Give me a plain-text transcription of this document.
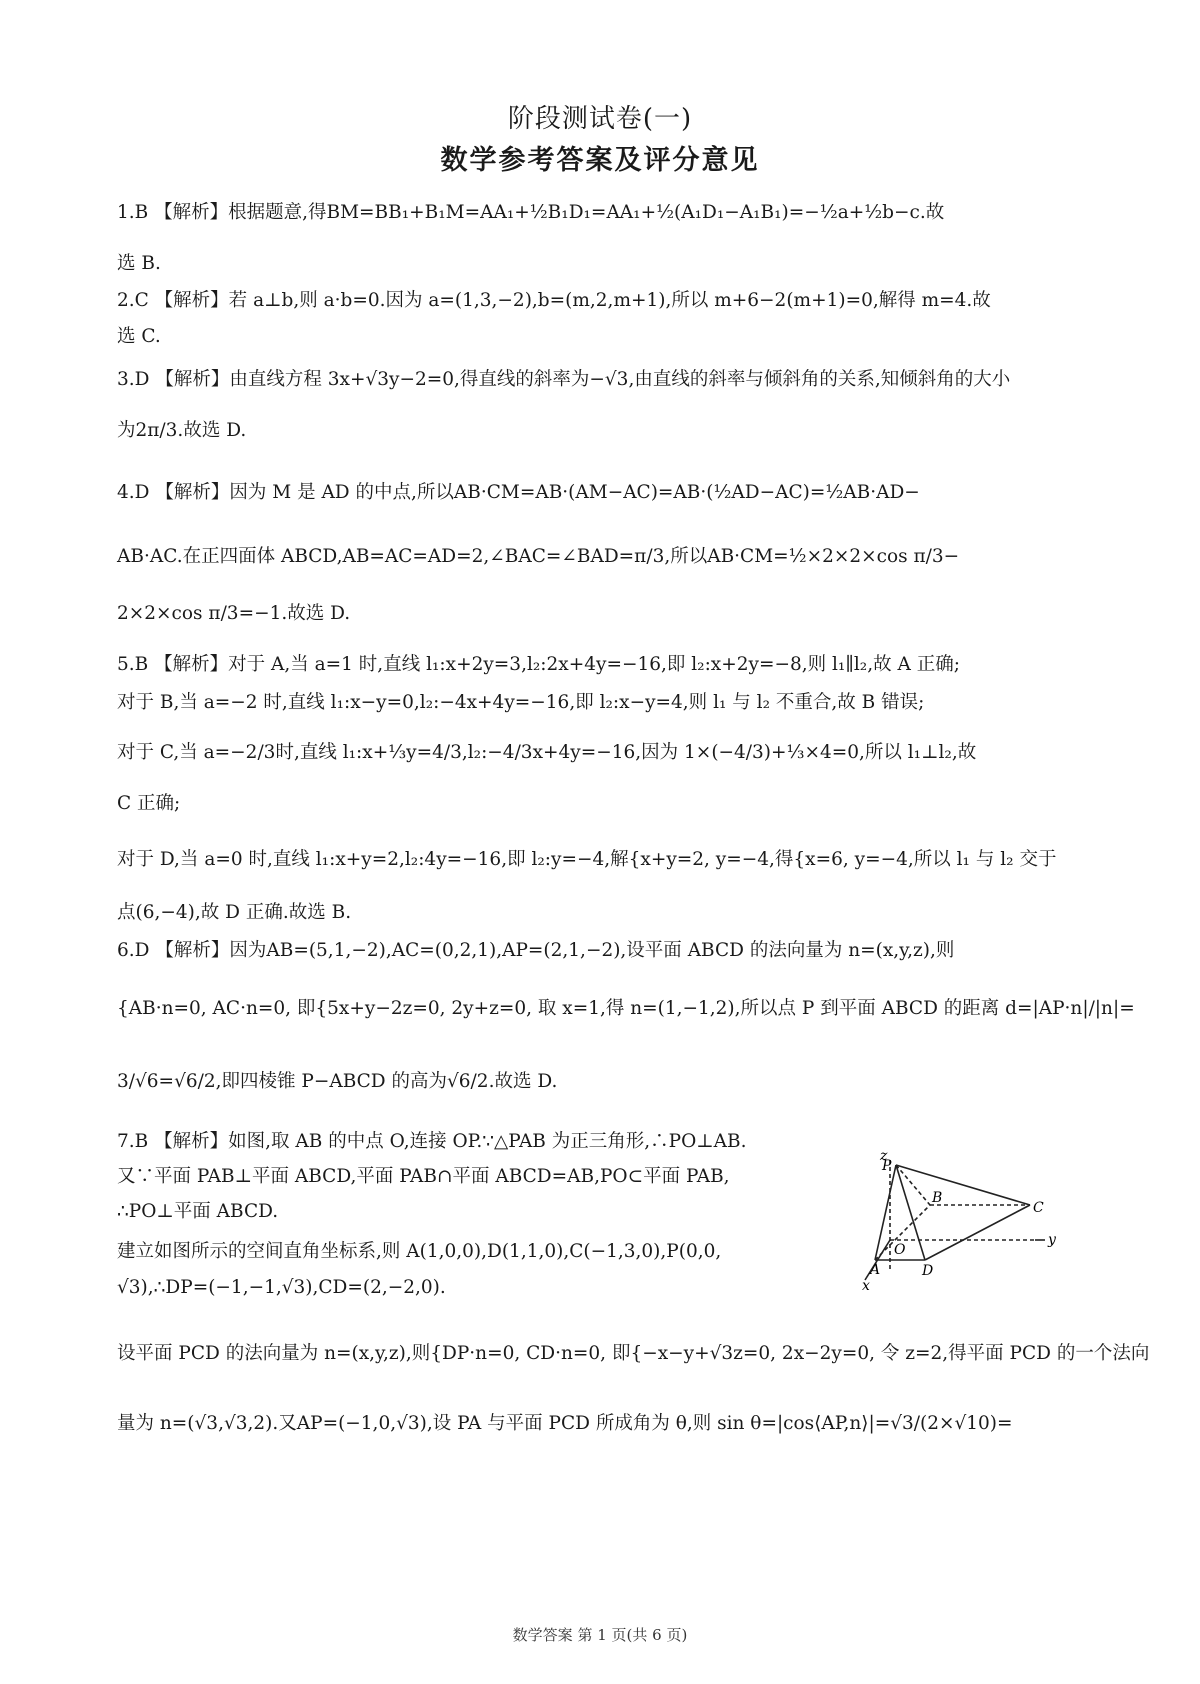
阶段测试卷(一)
数学参考答案及评分意见
1.B 【解析】根据题意,得BM=BB₁+B₁M=AA₁+½B₁D₁=AA₁+½(A₁D₁−A₁B₁)=−½a+½b−c.故
选 B.
2.C 【解析】若 a⊥b,则 a·b=0.因为 a=(1,3,−2),b=(m,2,m+1),所以 m+6−2(m+1)=0,解得 m=4.故
选 C.
3.D 【解析】由直线方程 3x+√3y−2=0,得直线的斜率为−√3,由直线的斜率与倾斜角的关系,知倾斜角的大小
为2π/3.故选 D.
4.D 【解析】因为 M 是 AD 的中点,所以AB·CM=AB·(AM−AC)=AB·(½AD−AC)=½AB·AD−
AB·AC.在正四面体 ABCD,AB=AC=AD=2,∠BAC=∠BAD=π/3,所以AB·CM=½×2×2×cos π/3−
2×2×cos π/3=−1.故选 D.
5.B 【解析】对于 A,当 a=1 时,直线 l₁:x+2y=3,l₂:2x+4y=−16,即 l₂:x+2y=−8,则 l₁∥l₂,故 A 正确;
对于 B,当 a=−2 时,直线 l₁:x−y=0,l₂:−4x+4y=−16,即 l₂:x−y=4,则 l₁ 与 l₂ 不重合,故 B 错误;
对于 C,当 a=−2/3时,直线 l₁:x+⅓y=4/3,l₂:−4/3x+4y=−16,因为 1×(−4/3)+⅓×4=0,所以 l₁⊥l₂,故
C 正确;
对于 D,当 a=0 时,直线 l₁:x+y=2,l₂:4y=−16,即 l₂:y=−4,解{x+y=2, y=−4,得{x=6, y=−4,所以 l₁ 与 l₂ 交于
点(6,−4),故 D 正确.故选 B.
6.D 【解析】因为AB=(5,1,−2),AC=(0,2,1),AP=(2,1,−2),设平面 ABCD 的法向量为 n=(x,y,z),则
{AB·n=0, AC·n=0, 即{5x+y−2z=0, 2y+z=0, 取 x=1,得 n=(1,−1,2),所以点 P 到平面 ABCD 的距离 d=|AP·n|/|n|=
3/√6=√6/2,即四棱锥 P−ABCD 的高为√6/2.故选 D.
7.B 【解析】如图,取 AB 的中点 O,连接 OP.∵△PAB 为正三角形,∴PO⊥AB.
又∵平面 PAB⊥平面 ABCD,平面 PAB∩平面 ABCD=AB,PO⊂平面 PAB,
∴PO⊥平面 ABCD.
建立如图所示的空间直角坐标系,则 A(1,0,0),D(1,1,0),C(−1,3,0),P(0,0,
√3),∴DP=(−1,−1,√3),CD=(2,−2,0).
设平面 PCD 的法向量为 n=(x,y,z),则{DP·n=0, CD·n=0, 即{−x−y+√3z=0, 2x−2y=0, 令 z=2,得平面 PCD 的一个法向
量为 n=(√3,√3,2).又AP=(−1,0,√3),设 PA 与平面 PCD 所成角为 θ,则 sin θ=|cos⟨AP,n⟩|=√3/(2×√10)=
z
P
B
C
O
y
A	D
x
数学答案 第 1 页(共 6 页)
